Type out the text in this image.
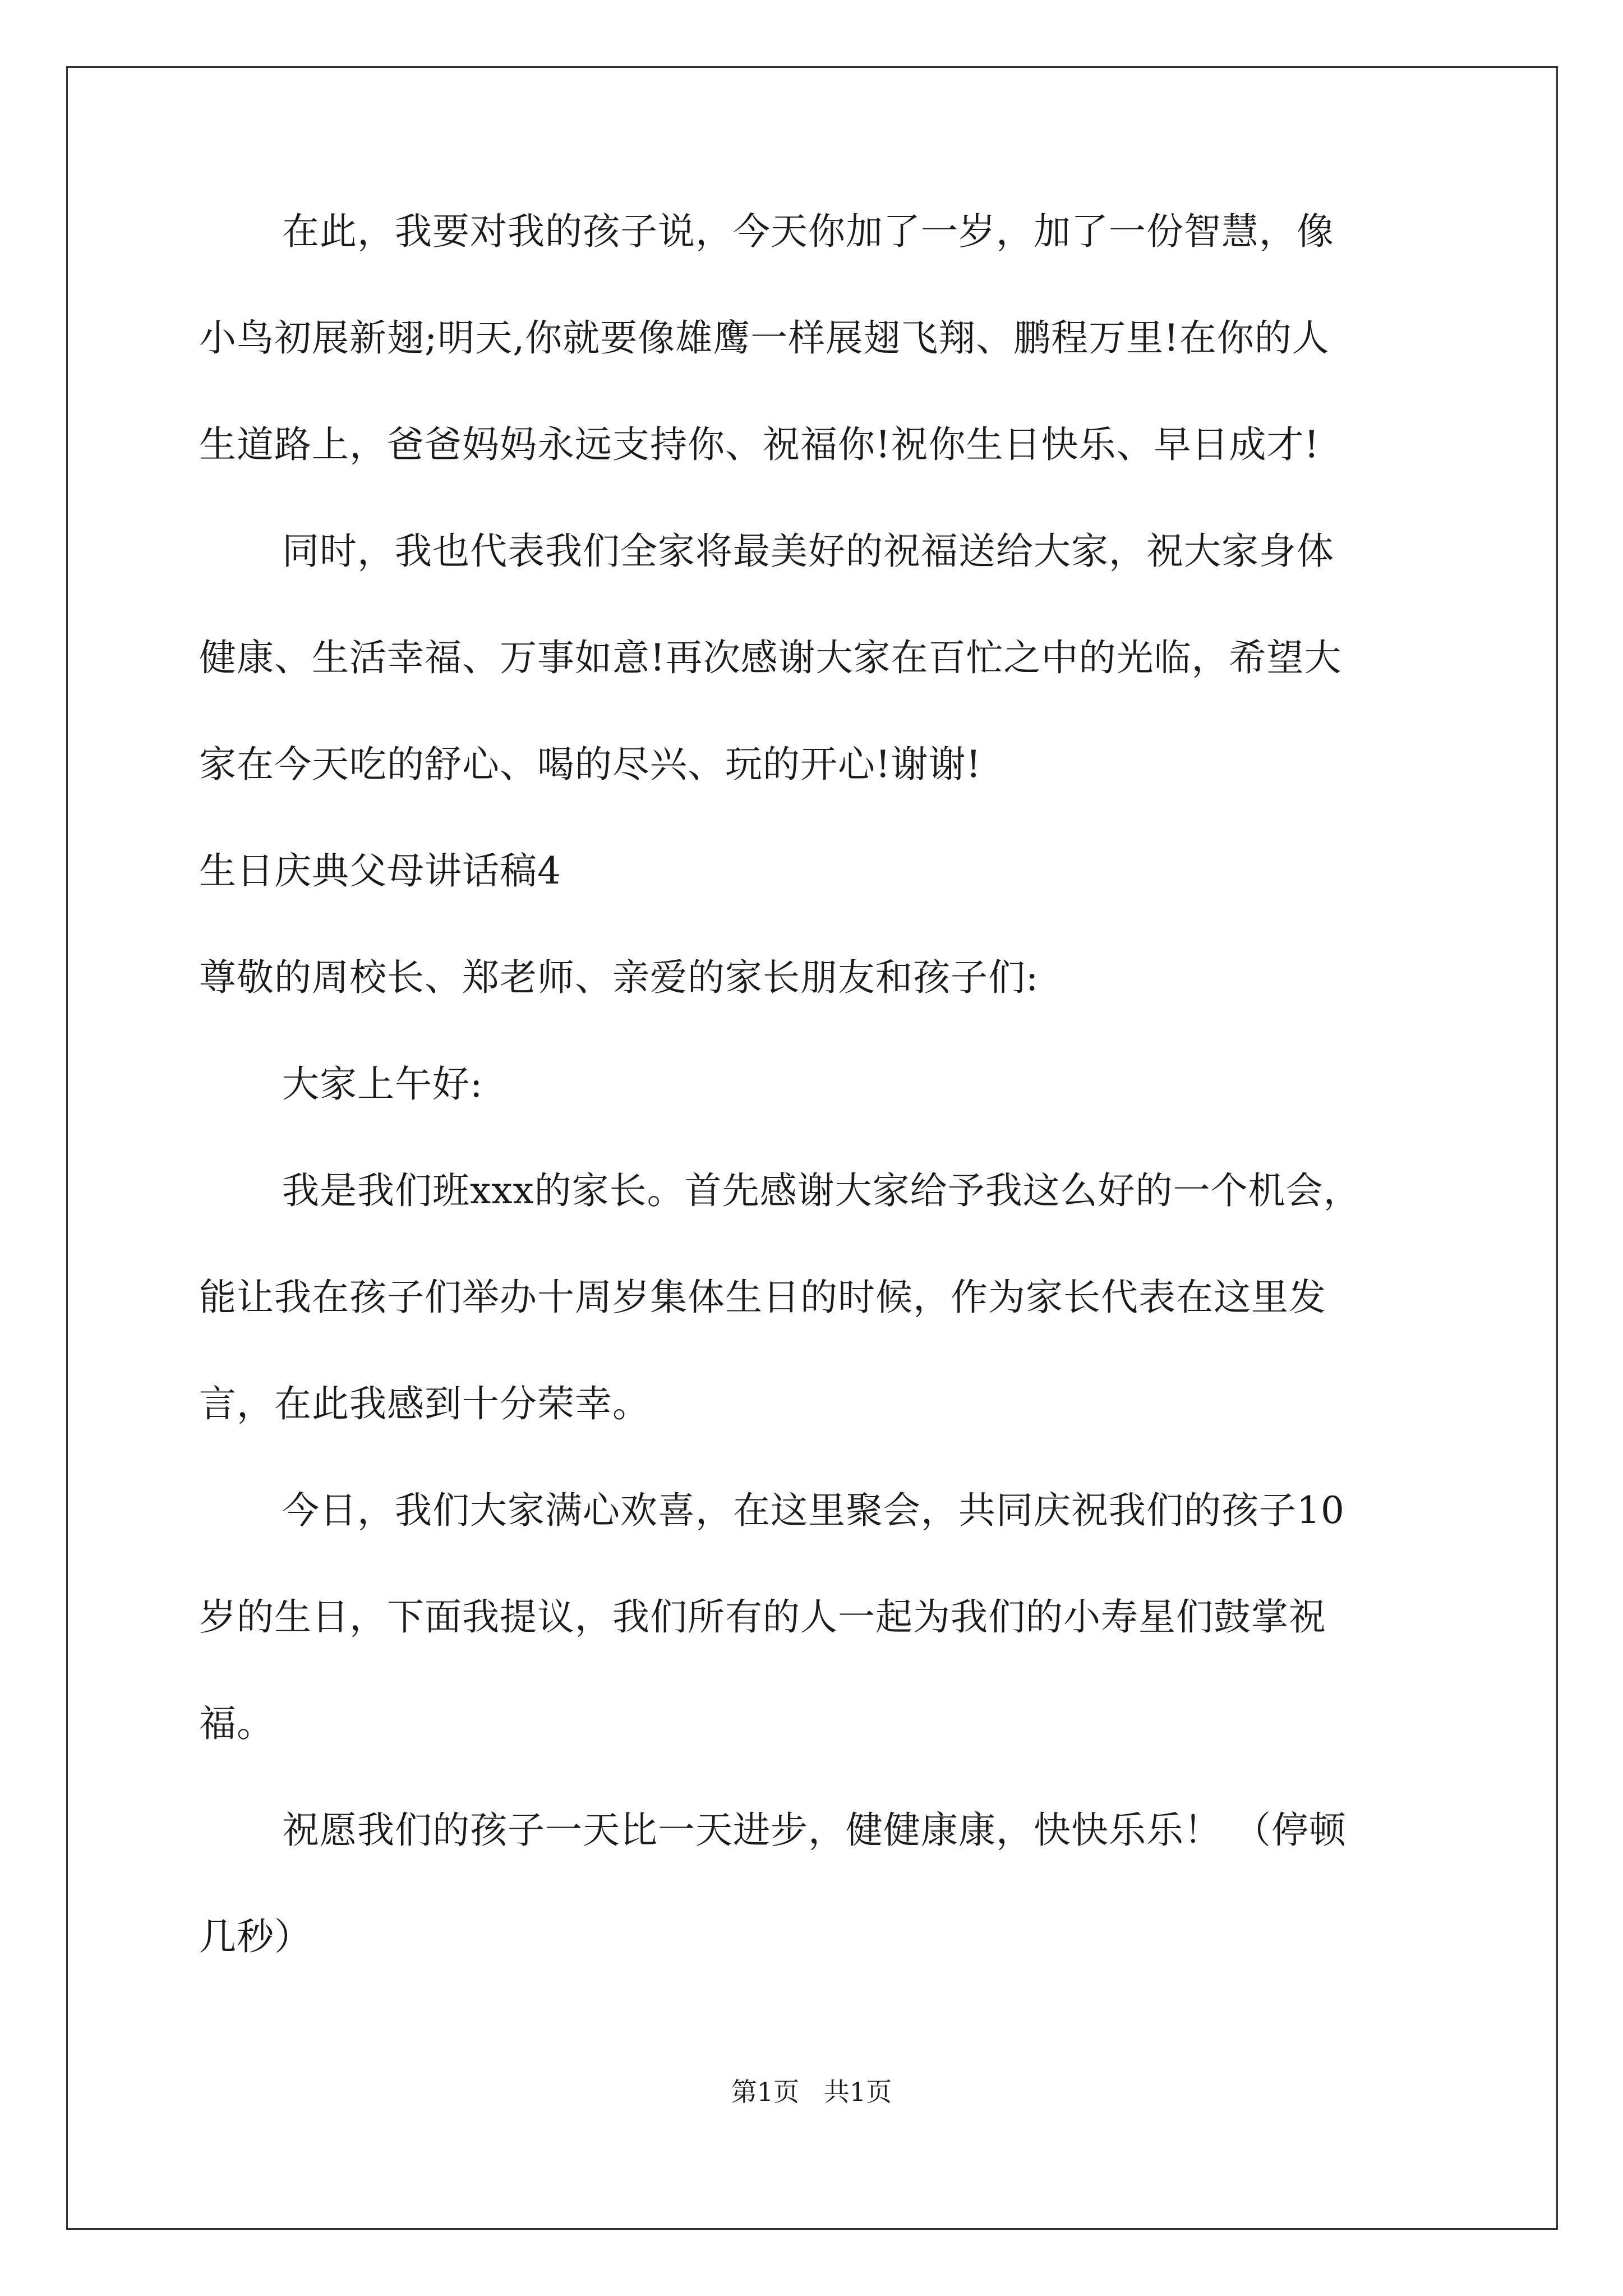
在此，我要对我的孩子说，今天你加了一岁，加了一份智慧，像
小鸟初展新翅;明天,你就要像雄鹰一样展翅飞翔、鹏程万里!在你的人
生道路上，爸爸妈妈永远支持你、祝福你!祝你生日快乐、早日成才!
同时，我也代表我们全家将最美好的祝福送给大家，祝大家身体
健康、生活幸福、万事如意!再次感谢大家在百忙之中的光临，希望大
家在今天吃的舒心、喝的尽兴、玩的开心!谢谢!
生日庆典父母讲话稿4
尊敬的周校长、郑老师、亲爱的家长朋友和孩子们:
大家上午好:
我是我们班xxx的家长。首先感谢大家给予我这么好的一个机会，
能让我在孩子们举办十周岁集体生日的时候，作为家长代表在这里发
言，在此我感到十分荣幸。
今日，我们大家满心欢喜，在这里聚会，共同庆祝我们的孩子10
岁的生日，下面我提议，我们所有的人一起为我们的小寿星们鼓掌祝
福。
祝愿我们的孩子一天比一天进步，健健康康，快快乐乐！ （停顿
几秒）
第1页   共1页
